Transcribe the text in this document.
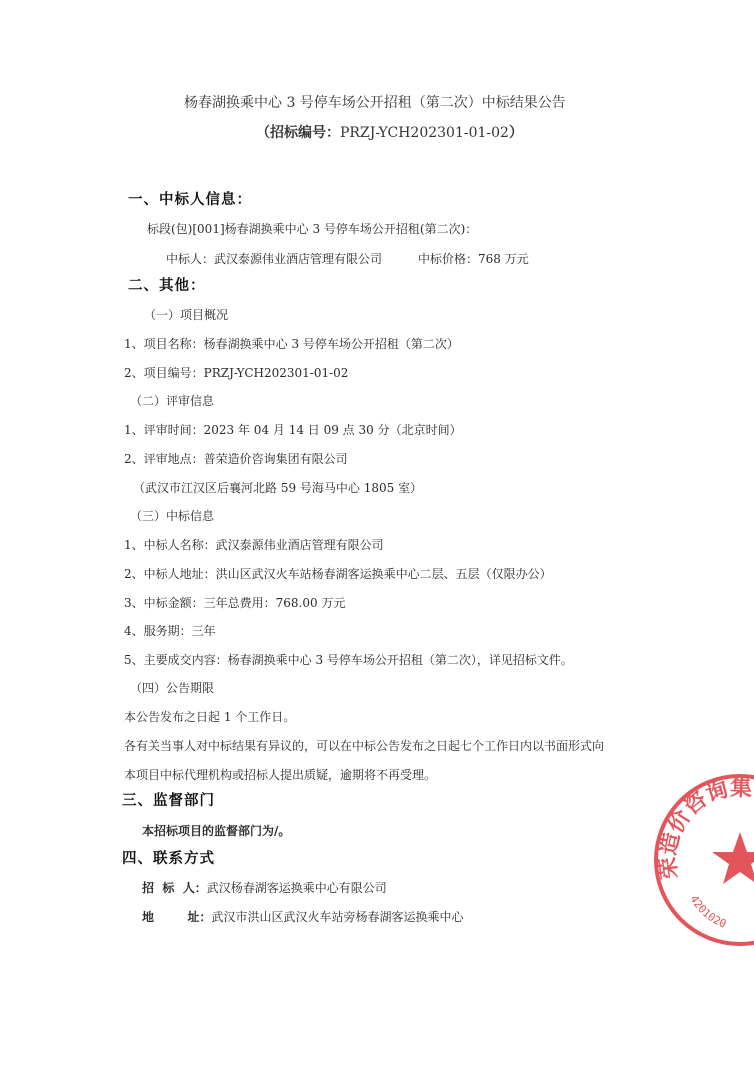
杨春湖换乘中心 3 号停车场公开招租（第二次）中标结果公告
（招标编号：PRZJ-YCH202301-01-02）
一、中标人信息：
标段(包)[001]杨春湖换乘中心 3 号停车场公开招租(第二次)：
中标人：武汉泰源伟业酒店管理有限公司	中标价格：768 万元
二、其他：
（一）项目概况
1、项目名称：杨春湖换乘中心 3 号停车场公开招租（第二次）
2、项目编号：PRZJ-YCH202301-01-02
（二）评审信息
1、评审时间：2023 年 04 月 14 日 09 点 30 分（北京时间）
2、评审地点：普荣造价咨询集团有限公司
（武汉市江汉区后襄河北路 59 号海马中心 1805 室）
（三）中标信息
1、中标人名称：武汉泰源伟业酒店管理有限公司
2、中标人地址：洪山区武汉火车站杨春湖客运换乘中心二层、五层（仅限办公）
3、中标金额：三年总费用：768.00 万元
4、服务期：三年
5、主要成交内容：杨春湖换乘中心 3 号停车场公开招租（第二次），详见招标文件。
（四）公告期限
本公告发布之日起 1 个工作日。
各有关当事人对中标结果有异议的，可以在中标公告发布之日起七个工作日内以书面形式向
本项目中标代理机构或招标人提出质疑，逾期将不再受理。
三、监督部门
本招标项目的监督部门为/。
四、联系方式
招  标  人：武汉杨春湖客运换乘中心有限公司
地        址：武汉市洪山区武汉火车站旁杨春湖客运换乘中心
荣造价咨询集
4201020
